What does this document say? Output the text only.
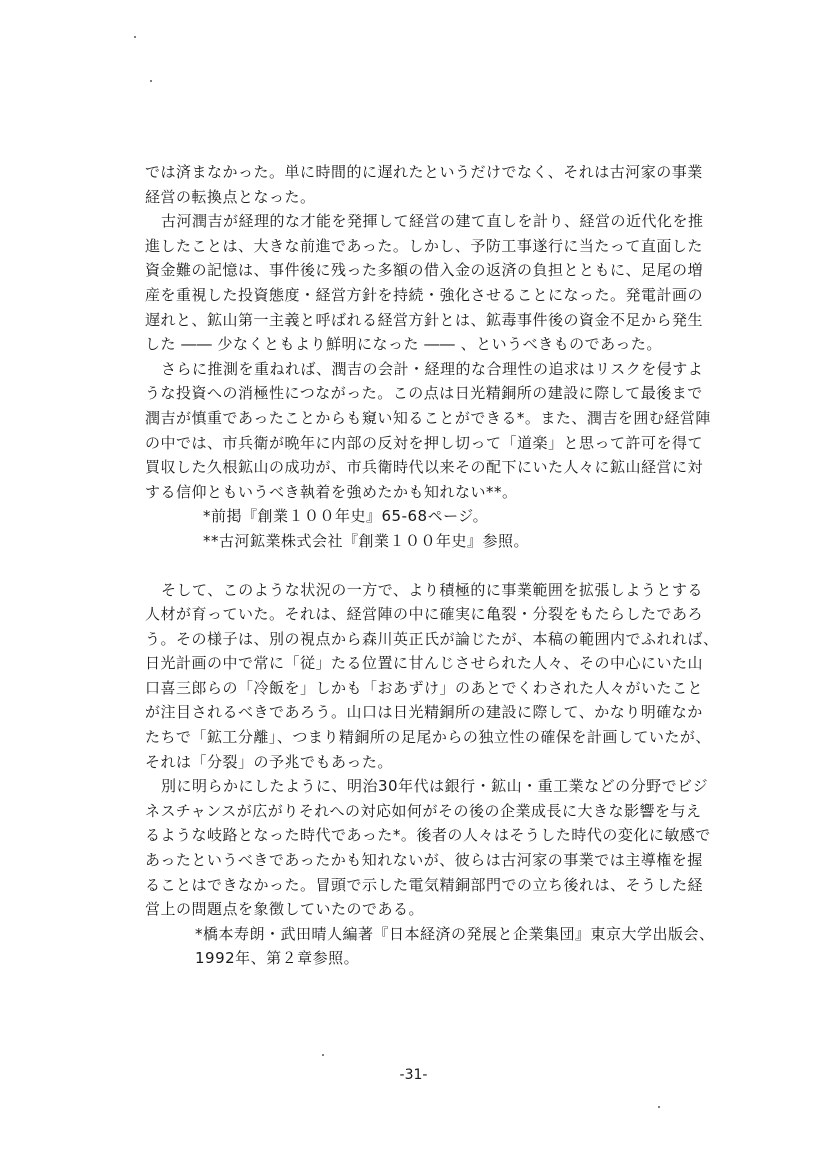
では済まなかった。単に時間的に遅れたというだけでなく、それは古河家の事業
経営の転換点となった。
古河潤吉が経理的な才能を発揮して経営の建て直しを計り、経営の近代化を推
進したことは、大きな前進であった。しかし、予防工事遂行に当たって直面した
資金難の記憶は、事件後に残った多額の借入金の返済の負担とともに、足尾の増
産を重視した投資態度・経営方針を持続・強化させることになった。発電計画の
遅れと、鉱山第一主義と呼ばれる経営方針とは、鉱毒事件後の資金不足から発生
した ―― 少なくともより鮮明になった ―― 、というべきものであった。
さらに推測を重ねれば、潤吉の会計・経理的な合理性の追求はリスクを侵すよ
うな投資への消極性につながった。この点は日光精銅所の建設に際して最後まで
潤吉が慎重であったことからも窺い知ることができる*。また、潤吉を囲む経営陣
の中では、市兵衛が晩年に内部の反対を押し切って「道楽」と思って許可を得て
買収した久根鉱山の成功が、市兵衛時代以来その配下にいた人々に鉱山経営に対
する信仰ともいうべき執着を強めたかも知れない**。
*前掲『創業１００年史』65-68ページ。
**古河鉱業株式会社『創業１００年史』参照。
そして、このような状況の一方で、より積極的に事業範囲を拡張しようとする
人材が育っていた。それは、経営陣の中に確実に亀裂・分裂をもたらしたであろ
う。その様子は、別の視点から森川英正氏が論じたが、本稿の範囲内でふれれば、
日光計画の中で常に「従」たる位置に甘んじさせられた人々、その中心にいた山
口喜三郎らの「冷飯を」しかも「おあずけ」のあとでくわされた人々がいたこと
が注目されるべきであろう。山口は日光精銅所の建設に際して、かなり明確なか
たちで「鉱工分離」、つまり精銅所の足尾からの独立性の確保を計画していたが、
それは「分裂」の予兆でもあった。
別に明らかにしたように、明治30年代は銀行・鉱山・重工業などの分野でビジ
ネスチャンスが広がりそれへの対応如何がその後の企業成長に大きな影響を与え
るような岐路となった時代であった*。後者の人々はそうした時代の変化に敏感で
あったというべきであったかも知れないが、彼らは古河家の事業では主導権を握
ることはできなかった。冒頭で示した電気精銅部門での立ち後れは、そうした経
営上の問題点を象徴していたのである。
*橋本寿朗・武田晴人編著『日本経済の発展と企業集団』東京大学出版会、
1992年、第２章参照。
-31-
